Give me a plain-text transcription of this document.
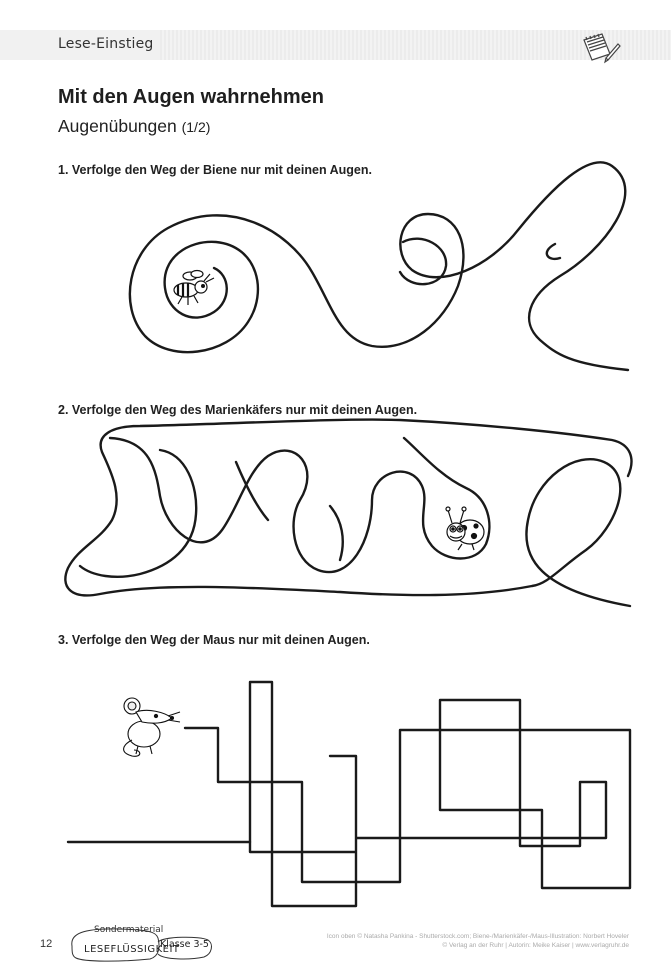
Lese-Einstieg
Mit den Augen wahrnehmen
Augenübungen (1/2)
1. Verfolge den Weg der Biene nur mit deinen Augen.
2. Verfolge den Weg des Marienkäfers nur mit deinen Augen.
3. Verfolge den Weg der Maus nur mit deinen Augen.
12
Sondermaterial
LESEFLÜSSIGKEIT
Klasse 3-5
Icon oben © Natasha Pankina - Shutterstock.com; Biene-/Marienkäfer-/Maus-Illustration: Norbert Hoveler
© Verlag an der Ruhr | Autorin: Meike Kaiser | www.verlagruhr.de
